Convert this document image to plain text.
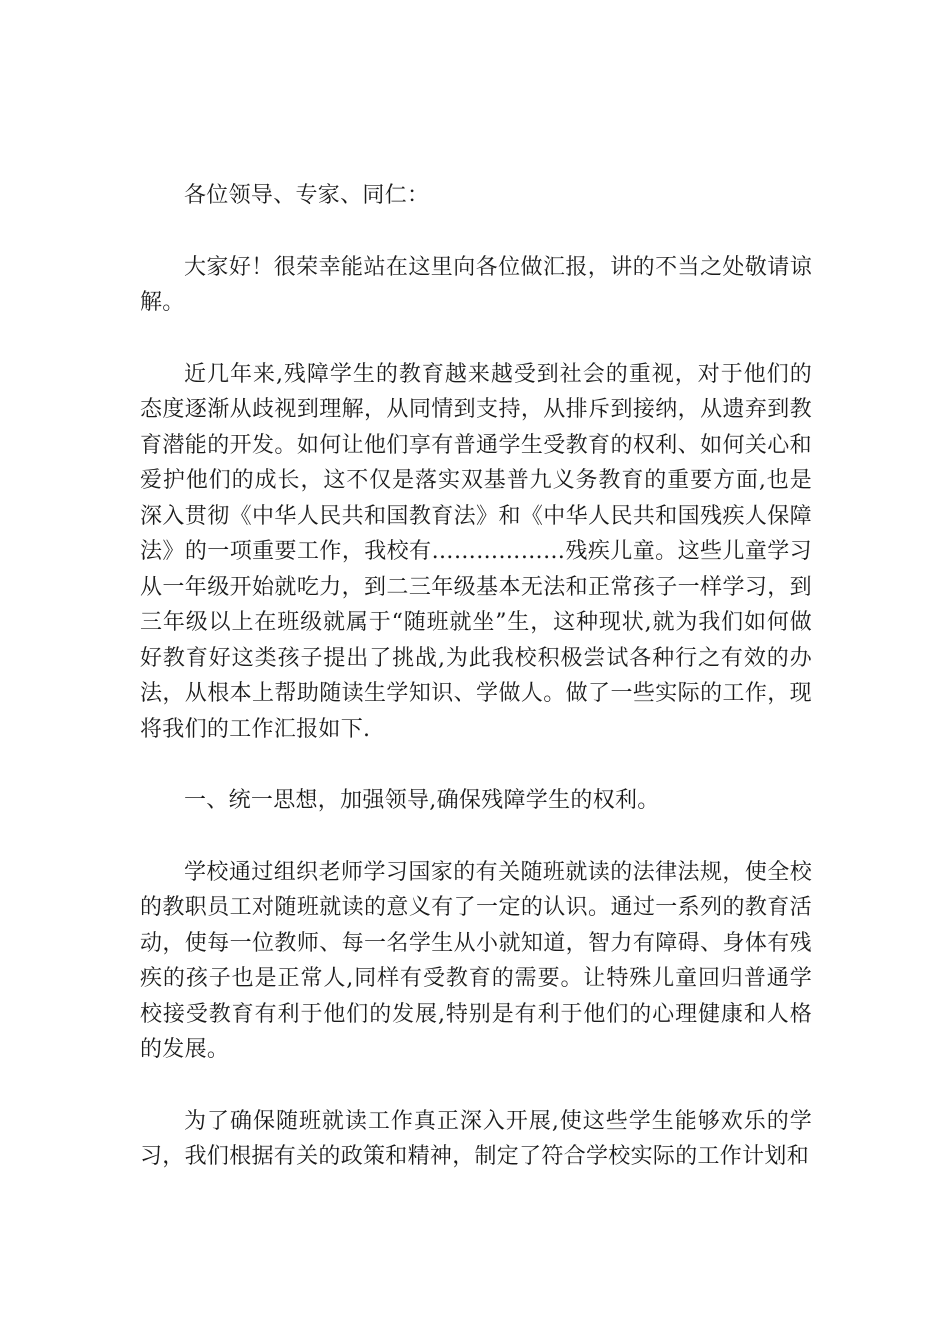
各位领导、专家、同仁：

大家好！很荣幸能站在这里向各位做汇报，讲的不当之处敬请谅解。

近几年来,残障学生的教育越来越受到社会的重视，对于他们的态度逐渐从歧视到理解，从同情到支持，从排斥到接纳，从遗弃到教育潜能的开发。如何让他们享有普通学生受教育的权利、如何关心和爱护他们的成长，这不仅是落实双基普九义务教育的重要方面,也是深入贯彻《中华人民共和国教育法》和《中华人民共和国残疾人保障法》的一项重要工作，我校有………………残疾儿童。这些儿童学习从一年级开始就吃力，到二三年级基本无法和正常孩子一样学习，到三年级以上在班级就属于“随班就坐”生，这种现状,就为我们如何做好教育好这类孩子提出了挑战,为此我校积极尝试各种行之有效的办法，从根本上帮助随读生学知识、学做人。做了一些实际的工作，现将我们的工作汇报如下.

一、统一思想，加强领导,确保残障学生的权利。

学校通过组织老师学习国家的有关随班就读的法律法规，使全校的教职员工对随班就读的意义有了一定的认识。通过一系列的教育活动，使每一位教师、每一名学生从小就知道，智力有障碍、身体有残疾的孩子也是正常人,同样有受教育的需要。让特殊儿童回归普通学校接受教育有利于他们的发展,特别是有利于他们的心理健康和人格的发展。

为了确保随班就读工作真正深入开展,使这些学生能够欢乐的学习，我们根据有关的政策和精神，制定了符合学校实际的工作计划和
